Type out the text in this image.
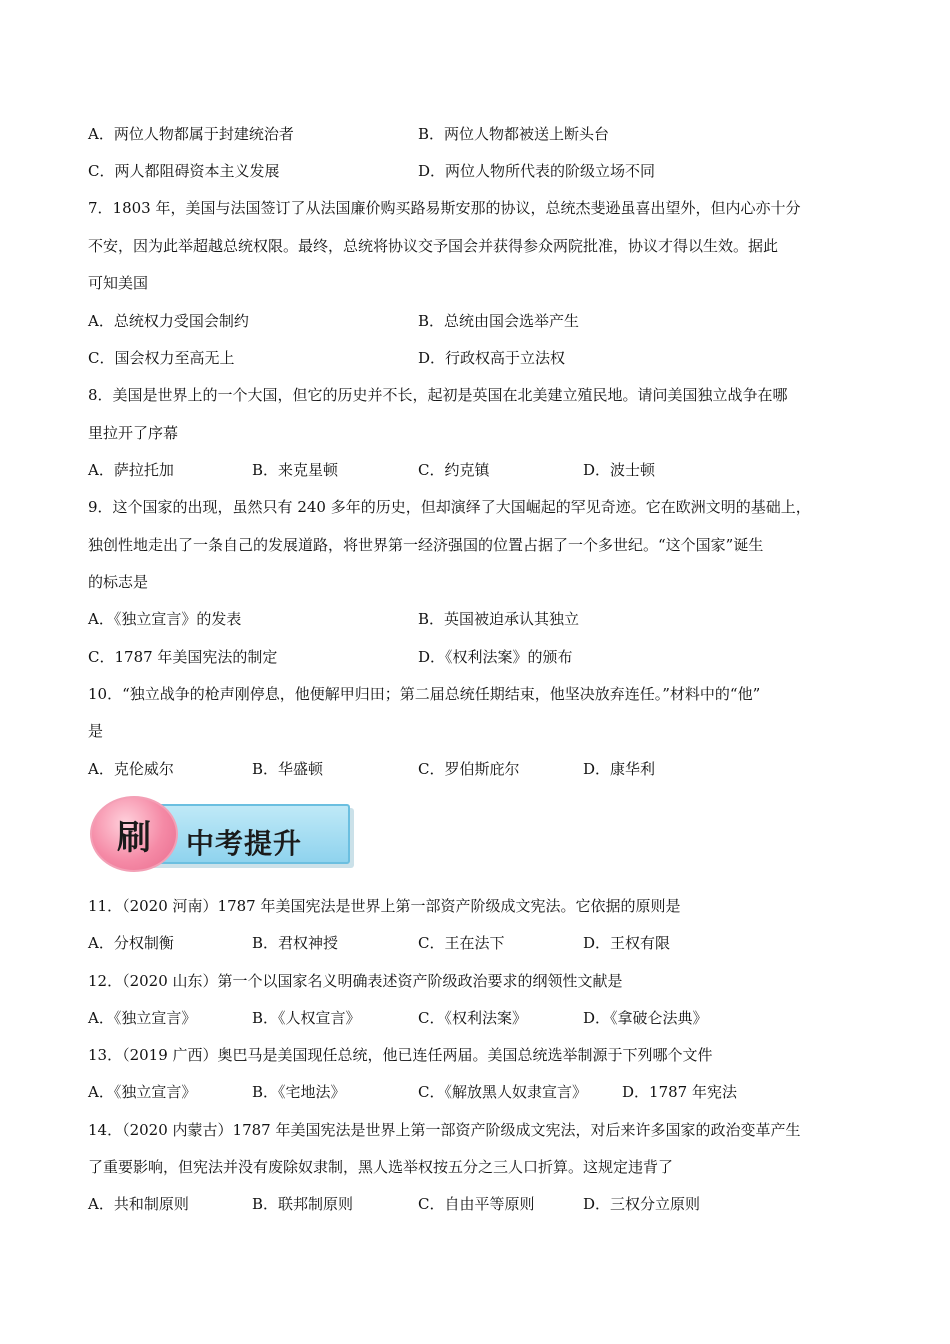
A．两位人物都属于封建统治者	B．两位人物都被送上断头台
C．两人都阻碍资本主义发展	D．两位人物所代表的阶级立场不同
7．1803 年，美国与法国签订了从法国廉价购买路易斯安那的协议，总统杰斐逊虽喜出望外，但内心亦十分
不安，因为此举超越总统权限。最终，总统将协议交予国会并获得参众两院批准，协议才得以生效。据此
可知美国
A．总统权力受国会制约	B．总统由国会选举产生
C．国会权力至高无上	D．行政权高于立法权
8．美国是世界上的一个大国，但它的历史并不长，起初是英国在北美建立殖民地。请问美国独立战争在哪
里拉开了序幕
A．萨拉托加	B．来克星顿	C．约克镇	D．波士顿
9．这个国家的出现，虽然只有 240 多年的历史，但却演绎了大国崛起的罕见奇迹。它在欧洲文明的基础上，
独创性地走出了一条自己的发展道路，将世界第一经济强国的位置占据了一个多世纪。“这个国家”诞生
的标志是
A．《独立宣言》的发表	B．英国被迫承认其独立
C．1787 年美国宪法的制定	D．《权利法案》的颁布
10．“独立战争的枪声刚停息，他便解甲归田；第二届总统任期结束，他坚决放弃连任。”材料中的“他”
是
A．克伦威尔	B．华盛顿	C．罗伯斯庇尔	D．康华利
中考提升
刷
11．（2020 河南）1787 年美国宪法是世界上第一部资产阶级成文宪法。它依据的原则是
A．分权制衡	B．君权神授	C．王在法下	D．王权有限
12．（2020 山东）第一个以国家名义明确表述资产阶级政治要求的纲领性文献是
A．《独立宣言》	B．《人权宣言》	C．《权利法案》	D．《拿破仑法典》
13．（2019 广西）奥巴马是美国现任总统，他已连任两届。美国总统选举制源于下列哪个文件
A．《独立宣言》	B．《宅地法》	C．《解放黑人奴隶宣言》 D．1787 年宪法
14．（2020 内蒙古）1787 年美国宪法是世界上第一部资产阶级成文宪法，对后来许多国家的政治变革产生
了重要影响，但宪法并没有废除奴隶制，黑人选举权按五分之三人口折算。这规定违背了
A．共和制原则	B．联邦制原则	C．自由平等原则	D．三权分立原则
